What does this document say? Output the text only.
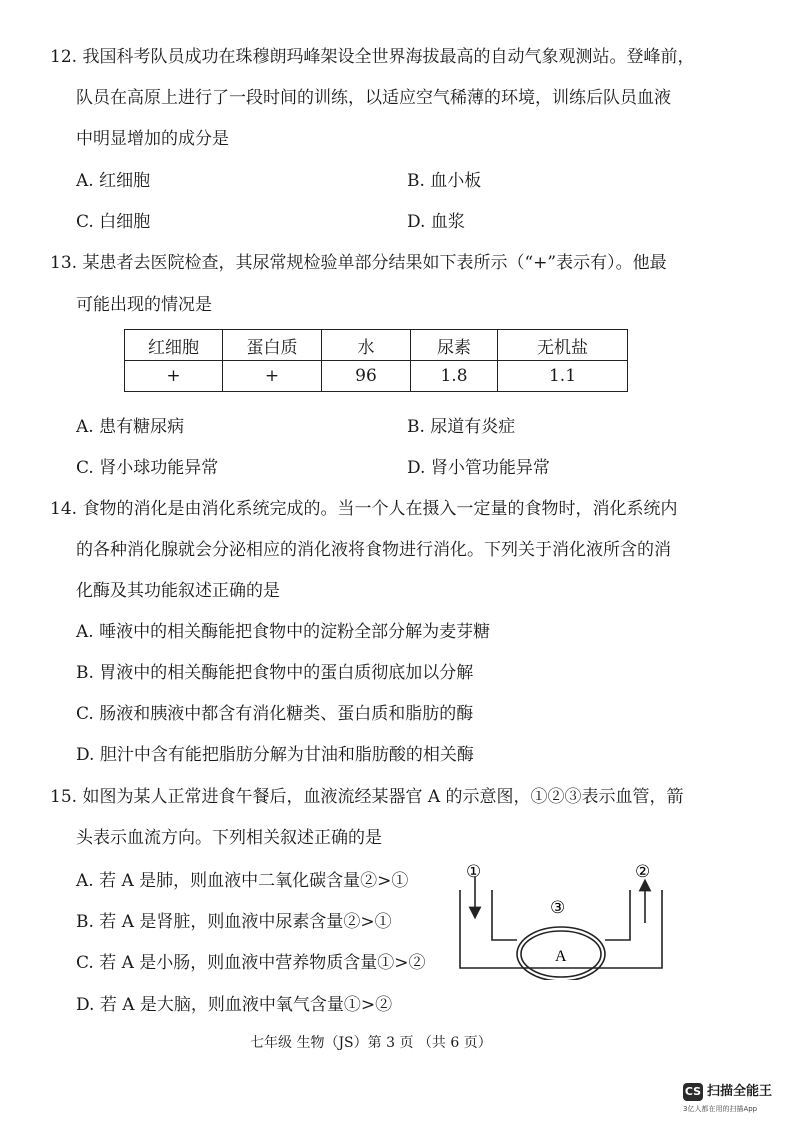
12. 我国科考队员成功在珠穆朗玛峰架设全世界海拔最高的自动气象观测站。登峰前，
队员在高原上进行了一段时间的训练，以适应空气稀薄的环境，训练后队员血液
中明显增加的成分是
A. 红细胞	B. 血小板
C. 白细胞	D. 血浆
13. 某患者去医院检查，其尿常规检验单部分结果如下表所示（“+”表示有）。他最
可能出现的情况是
红细胞	蛋白质	水	尿素	无机盐
+	+	96	1.8	1.1
A. 患有糖尿病	B. 尿道有炎症
C. 肾小球功能异常	D. 肾小管功能异常
14. 食物的消化是由消化系统完成的。当一个人在摄入一定量的食物时，消化系统内
的各种消化腺就会分泌相应的消化液将食物进行消化。下列关于消化液所含的消
化酶及其功能叙述正确的是
A. 唾液中的相关酶能把食物中的淀粉全部分解为麦芽糖
B. 胃液中的相关酶能把食物中的蛋白质彻底加以分解
C. 肠液和胰液中都含有消化糖类、蛋白质和脂肪的酶
D. 胆汁中含有能把脂肪分解为甘油和脂肪酸的相关酶
15. 如图为某人正常进食午餐后，血液流经某器官 A 的示意图，①②③表示血管，箭
头表示血流方向。下列相关叙述正确的是
A. 若 A 是肺，则血液中二氧化碳含量②>①
B. 若 A 是肾脏，则血液中尿素含量②>①
C. 若 A 是小肠，则血液中营养物质含量①>②
D. 若 A 是大脑，则血液中氧气含量①>②
①	②
③
A
七年级 生物（JS）第 3 页 （共 6 页）
CS 扫描全能王
3亿人都在用的扫描App
